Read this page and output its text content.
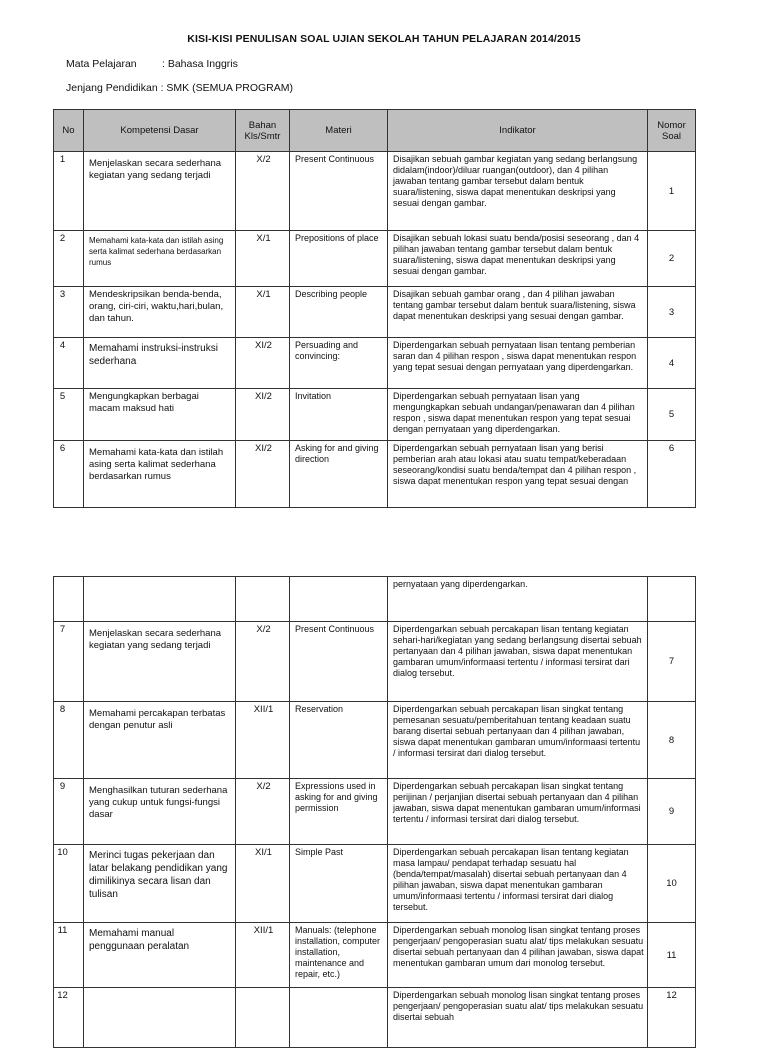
KISI-KISI PENULISAN SOAL UJIAN SEKOLAH TAHUN PELAJARAN 2014/2015
Mata Pelajaran : Bahasa Inggris
Jenjang Pendidikan : SMK (SEMUA PROGRAM)
No	Kompetensi Dasar	Bahan Kls/Smtr	Materi	Indikator	Nomor Soal
1	Menjelaskan secara sederhana kegiatan yang sedang terjadi	X/2	Present Continuous	Disajikan sebuah gambar kegiatan yang sedang berlangsung didalam(indoor)/diluar ruangan(outdoor), dan 4 pilihan jawaban tentang gambar tersebut dalam bentuk suara/listening, siswa dapat menentukan deskripsi yang sesuai dengan gambar.	1
2	Memahami kata-kata dan istilah asing serta kalimat sederhana berdasarkan rumus	X/1	Prepositions of place	Disajikan sebuah lokasi suatu benda/posisi seseorang , dan 4 pilihan jawaban tentang gambar tersebut dalam bentuk suara/listening, siswa dapat menentukan deskripsi yang sesuai dengan gambar.	2
3	Mendeskripsikan benda-benda, orang, ciri-ciri, waktu,hari,bulan, dan tahun.	X/1	Describing people	Disajikan sebuah gambar orang , dan 4 pilihan jawaban tentang gambar tersebut dalam bentuk suara/listening, siswa dapat menentukan deskripsi yang sesuai dengan gambar.	3
4	Memahami instruksi-instruksi sederhana	XI/2	Persuading and convincing:	Diperdengarkan sebuah pernyataan lisan tentang pemberian saran dan 4 pilihan respon , siswa dapat menentukan respon yang tepat sesuai dengan pernyataan yang diperdengarkan.	4
5	Mengungkapkan berbagai macam maksud hati	XI/2	Invitation	Diperdengarkan sebuah pernyataan lisan yang mengungkapkan sebuah undangan/penawaran dan 4 pilihan respon , siswa dapat menentukan respon yang tepat sesuai dengan pernyataan yang diperdengarkan.	5
6	Memahami kata-kata dan istilah asing serta kalimat sederhana berdasarkan rumus	XI/2	Asking for and giving direction	Diperdengarkan sebuah pernyataan lisan yang berisi pemberian arah atau lokasi atau suatu tempat/keberadaan seseorang/kondisi suatu benda/tempat dan 4 pilihan respon , siswa dapat menentukan respon yang tepat sesuai dengan	6
				pernyataan yang diperdengarkan.	
7	Menjelaskan secara sederhana kegiatan yang sedang terjadi	X/2	Present Continuous	Diperdengarkan sebuah percakapan lisan tentang kegiatan sehari-hari/kegiatan yang sedang berlangsung disertai sebuah pertanyaan dan 4 pilihan jawaban, siswa dapat menentukan gambaran umum/informaasi tertentu / informasi tersirat dari dialog tersebut.	7
8	Memahami percakapan terbatas dengan penutur asli	XII/1	Reservation	Diperdengarkan sebuah percakapan lisan singkat tentang pemesanan sesuatu/pemberitahuan tentang keadaan suatu barang disertai sebuah pertanyaan dan 4 pilihan jawaban, siswa dapat menentukan gambaran umum/informaasi tertentu / informasi tersirat dari dialog tersebut.	8
9	Menghasilkan tuturan sederhana yang cukup untuk fungsi-fungsi dasar	X/2	Expressions used in asking for and giving permission	Diperdengarkan sebuah percakapan lisan singkat tentang perijinan / perjanjian disertai sebuah pertanyaan dan 4 pilihan jawaban, siswa dapat menentukan gambaran umum/informasi tertentu / informasi tersirat dari dialog tersebut.	9
10	Merinci tugas pekerjaan dan latar belakang pendidikan yang dimilikinya secara lisan dan tulisan	XI/1	Simple Past	Diperdengarkan sebuah percakapan lisan tentang kegiatan masa lampau/ pendapat terhadap sesuatu hal (benda/tempat/masalah) disertai sebuah pertanyaan dan 4 pilihan jawaban, siswa dapat menentukan gambaran umum/informaasi tertentu / informasi tersirat dari dialog tersebut.	10
11	Memahami manual penggunaan peralatan	XII/1	Manuals: (telephone installation, computer installation, maintenance and repair, etc.)	Diperdengarkan sebuah monolog lisan singkat tentang proses pengerjaan/ pengoperasian suatu alat/ tips melakukan sesuatu disertai sebuah pertanyaan dan 4 pilihan jawaban, siswa dapat menentukan gambaran umum dari monolog tersebut.	11
12				Diperdengarkan sebuah monolog lisan singkat tentang proses pengerjaan/ pengoperasian suatu alat/ tips melakukan sesuatu disertai sebuah	12
